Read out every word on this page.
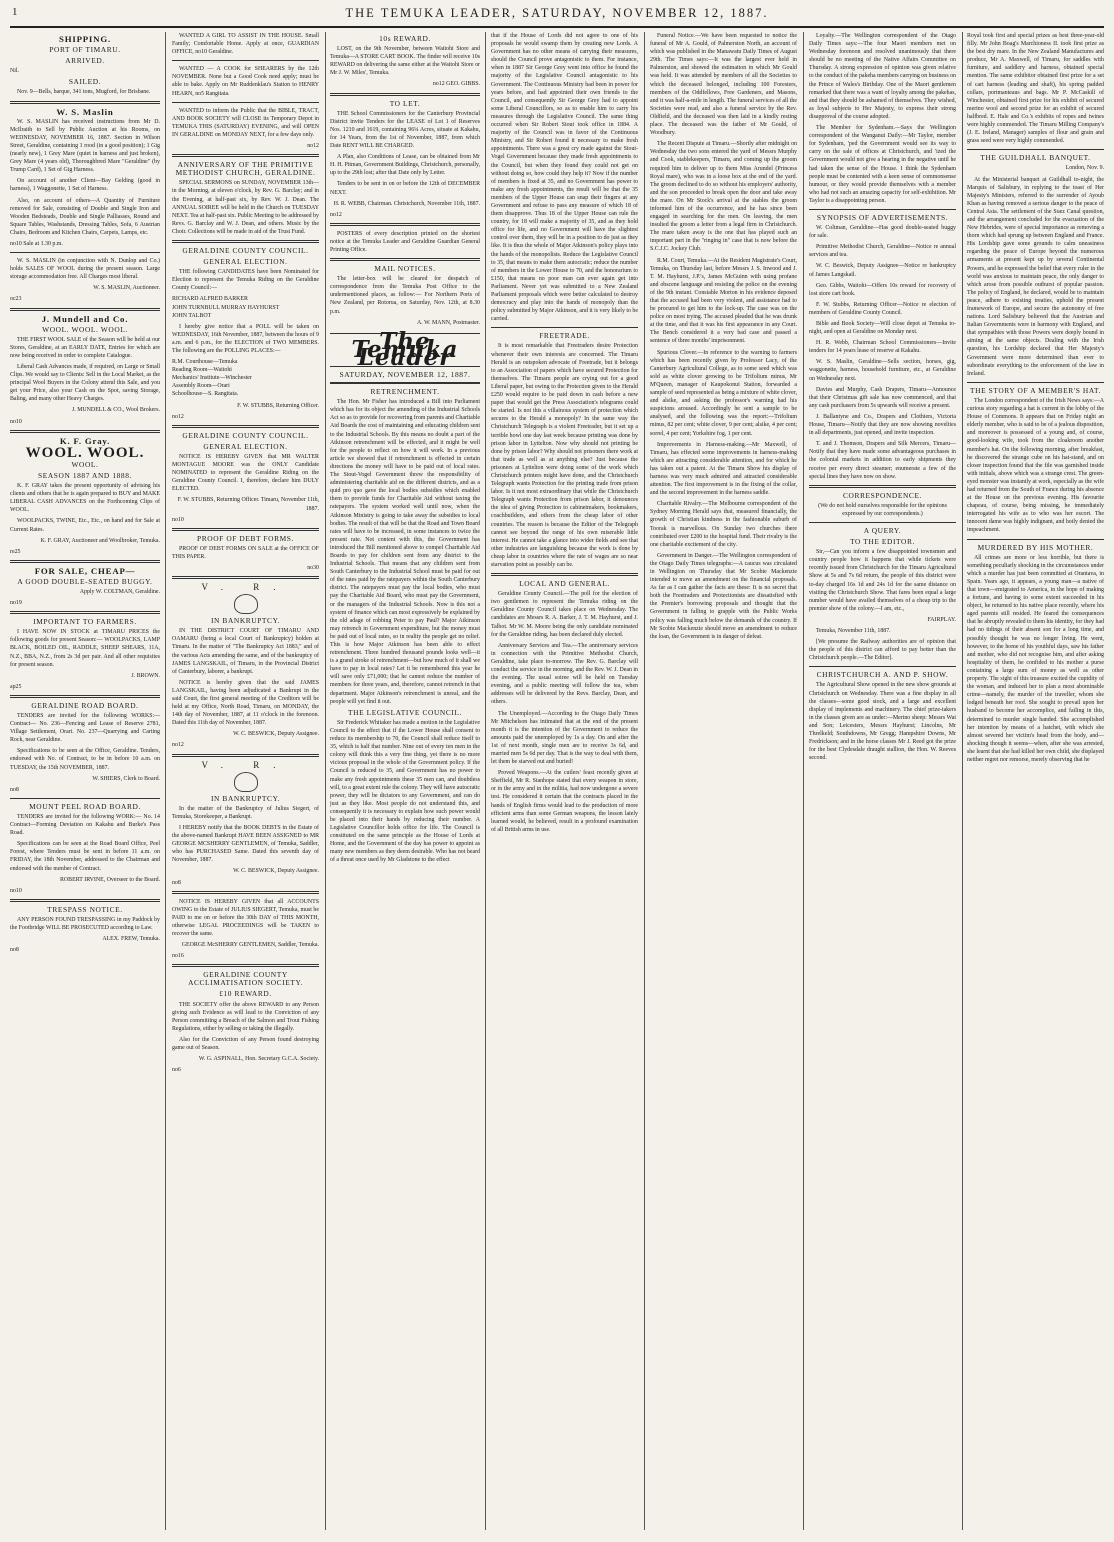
1	THE TEMUKA LEADER, SATURDAY, NOVEMBER 12, 1887.
SHIPPING.
PORT OF TIMARU.
ARRIVED.

Nil.

SAILED.

Nov. 9—Bells, barque, 341 tons, Mugford, for Brisbane.

W. S. Maslin

W. S. MASLIN has received instructions from Mr D. McIlraith to Sell by Public Auction at his Rooms, on WEDNESDAY, NOVEMBER 16, 1887. Section in Wilson Street, Geraldine, containing 1 rood (in a good position); 1 Gig (nearly new), 1 Grey Mare (quiet in harness and just broken), Grey Mare (4 years old), Thoroughbred Mare "Geraldine" (by Trump Card), 1 Set of Gig Harness.

On account of another Client—Bay Gelding (good in harness), 1 Waggonette, 1 Set of Harness.

Also, on account of others—A Quantity of Furniture removed for Sale, consisting of Double and Single Iron and Wooden Bedsteads, Double and Single Palliasses, Round and Square Tables, Washstands, Dressing Tables, Sofa, 6 Austrian Chairs, Bedroom and Kitchen Chairs, Carpets, Lamps, etc.

no10 Sale at 1.30 p.m.

W. S. MASLIN (in conjunction with N. Dunlop and Co.) holds SALES OF WOOL during the present season. Large storage accommodation free. All Charges most liberal.

W. S. MASLIN, Auctioneer.

oc23

J. Mundell and Co.
WOOL. WOOL. WOOL.

THE FIRST WOOL SALE of the Season will be held at our Stores, Geraldine, at an EARLY DATE, Entries for which are now being received in order to complete Catalogue.

Liberal Cash Advances made, if required, on Large or Small Clips. We would say to Clients: Sell in the Local Market, as the principal Wool Buyers in the Colony attend this Sale, and you get your Price, also your Cash on the Spot, saving Storage, Baling, and many other Heavy Charges.

J. MUNDELL & CO., Wool Brokers.

no10

K. F. Gray.
WOOL. WOOL.
WOOL.
SEASON 1887 AND 1888.

K. F. GRAY takes the present opportunity of advising his clients and others that he is again prepared to BUY and MAKE LIBERAL CASH ADVANCES on the Forthcoming Clips of WOOL.

WOOLPACKS, TWINE, Etc., Etc., on hand and for Sale at Current Rates.

K. F. GRAY, Auctioneer and Woolbroker, Temuka.

re25

FOR SALE, CHEAP—
A GOOD DOUBLE-SEATED BUGGY.

Apply W. COLTMAN, Geraldine.

no19

IMPORTANT TO FARMERS.

I HAVE NOW IN STOCK at TIMARU PRICES the following goods for present Season:— WOOLPACKS, LAMP BLACK, BOILED OIL, RADDLE, SHEEP SHEARS, 11A, N.Z., BBA, N.Z., from 2s 3d per pair. And all other requisites for present season.

J. BROWN.

ap25

GERALDINE ROAD BOARD.

TENDERS are invited for the following WORKS:— Contract— No. 236—Fencing and Lease of Reserve 2781, Village Settlement, Orari. No. 237—Quarrying and Carting Rock, near Geraldine.

Specifications to be seen at the Office, Geraldine. Tenders, endorsed with No. of Contract, to be in before 10 a.m. on TUESDAY, the 15th NOVEMBER, 1887.

W. SHIERS, Clerk to Board.

no8

MOUNT PEEL ROAD BOARD.

TENDERS are invited for the following WORK:— No. 14 Contract—Forming Deviation on Kakahu and Burke's Pass Road.

Specifications can be seen at the Road Board Office, Peel Forest, where Tenders must be sent in before 11 a.m. on FRIDAY, the 18th November, addressed to the Chairman and endorsed with the number of Contract.

ROBERT IRVINE, Overseer to the Board.

no10

TRESPASS NOTICE.

ANY PERSON FOUND TRESPASSING in my Paddock by the Footbridge WILL BE PROSECUTED according to Law.

ALEX. FREW, Temuka.

no8

WANTED A GIRL TO ASSIST IN THE HOUSE. Small Family; Comfortable Home. Apply at once, GUARDIAN OFFICE, no10 Geraldine.

WANTED — A COOK for SHEARERS by the 12th NOVEMBER. None but a Good Cook need apply; must be able to bake. Apply on Mr Ruddenklau's Station to HENRY HEARN, no5 Rangitata.

WANTED to inform the Public that the BIBLE, TRACT, AND BOOK SOCIETY will CLOSE its Temporary Depot in TEMUKA THIS (SATURDAY) EVENING, and will OPEN IN GERALDINE on MONDAY NEXT, for a few days only.

no12

ANNIVERSARY OF THE PRIMITIVE METHODIST CHURCH, GERALDINE.

SPECIAL SERMONS on SUNDAY, NOVEMBER 13th—in the Morning, at eleven o'clock, by Rev. G. Barclay; and in the Evening, at half-past six, by Rev. W. J. Dean. The ANNUAL SOIREE will be held in the Church on TUESDAY NEXT. Tea at half-past six. Public Meeting to be addressed by Revs. G. Barclay and W. J. Dean, and others. Music by the Choir. Collections will be made in aid of the Trust Fund.

GERALDINE COUNTY COUNCIL.
GENERAL ELECTION.

THE following CANDIDATES have been Nominated for Election to represent the Temuka Riding on the Geraldine County Council:—

RICHARD ALFRED BARKER
JOHN TURNBULL MURRAY HAYHURST
JOHN TALBOT

I hereby give notice that a POLL will be taken on WEDNESDAY, 16th November, 1887, between the hours of 9 a.m. and 6 p.m., for the ELECTION of TWO MEMBERS. The following are the POLLING PLACES:—

R.M. Courthouse—Temuka
Reading Room—Waitohi
Mechanics' Institute—Winchester
Assembly Room—Orari
Schoolhouse—S. Rangitata.

F. W. STUBBS, Returning Officer.

no12

GERALDINE COUNTY COUNCIL.
GENERAL ELECTION.

NOTICE IS HEREBY GIVEN that MR WALTER MONTAGUE MOORE was the ONLY Candidate NOMINATED to represent the Geraldine Riding on the Geraldine County Council. I, therefore, declare him DULY ELECTED.

F. W. STUBBS, Returning Officer. Timaru, November 11th, 1887.

no10

PROOF OF DEBT FORMS.

PROOF OF DEBT FORMS ON SALE at the OFFICE OF THIS PAPER.

no30

V. R.
IN BANKRUPTCY.

IN THE DISTRICT COURT OF TIMARU AND OAMARU (being a local Court of Bankruptcy) holden at Timaru. In the matter of "The Bankruptcy Act 1883," and of the various Acts amending the same, and of the bankruptcy of JAMES LANGSKAIL, of Timaru, in the Provincial District of Canterbury, laborer, a bankrupt.

NOTICE is hereby given that the said JAMES LANGSKAIL, having been adjudicated a Bankrupt in the said Court, the first general meeting of the Creditors will be held at my Office, North Road, Timaru, on MONDAY, the 14th day of November, 1887, at 11 o'clock in the forenoon. Dated this 11th day of November, 1887.

W. C. BESWICK, Deputy Assignee.

no12

V. R.
IN BANKRUPTCY.

In the matter of the Bankruptcy of Julius Siegert, of Temuka, Storekeeper, a Bankrupt.

I HEREBY notify that the BOOK DEBTS in the Estate of the above-named Bankrupt HAVE BEEN ASSIGNED to MR GEORGE MCSHERRY GENTLEMEN, of Temuka, Saddler, who has PURCHASED Same. Dated this seventh day of November, 1887.

W. C. BESWICK, Deputy Assignee.

no8

NOTICE IS HEREBY GIVEN that all ACCOUNTS OWING to the Estate of JULIUS SIEGERT, Temuka, must be PAID to me on or before the 30th DAY of THIS MONTH, otherwise LEGAL PROCEEDINGS will be TAKEN to recover the same.

GEORGE McSHERRY GENTLEMEN, Saddler, Temuka.

no16

GERALDINE COUNTY ACCLIMATISATION SOCIETY.
£10 REWARD.

THE SOCIETY offer the above REWARD to any Person giving such Evidence as will lead to the Conviction of any Person committing a Breach of the Salmon and Trout Fishing Regulations, either by selling or taking the illegally.

Also for the Conviction of any Person found destroying game out of Season.

W. G. ASPINALL, Hon. Secretary G.C.A. Society.

no6

10s REWARD.

LOST, on the 9th November, between Waitohi Store and Temuka—A STORE CART BOOK. The finder will receive 10s REWARD on delivering the same either at the Waitohi Store or Mr J. W. Miles', Temuka.

no12 GEO. GIBBS.

TO LET.

THE School Commissioners for the Canterbury Provincial District invite Tenders for the LEASE of Lot 1 of Reserves Nos. 1210 and 1619, containing 96¼ Acres, situate at Kakahu, for 14 Years, from the 1st of November, 1887, from which Date RENT WILL BE CHARGED.

A Plan, also Conditions of Lease, can be obtained from Mr H. H. Pitman, Government Buildings, Christchurch, personally, up to the 29th lost; after that Date only by Letter.

Tenders to be sent in on or before the 12th of DECEMBER NEXT.

H. R. WEBB, Chairman. Christchurch, November 11th, 1887.

no12

POSTERS of every description printed on the shortest notice at the Temuka Leader and Geraldine Guardian General Printing Office.

MAIL NOTICES.

The letter-box will be cleared for despatch of correspondence from the Temuka Post Office to the undermentioned places, as follow:— For Northern Ports of New Zealand, per Rotorua, on Saturday, Nov. 12th, at 8.30 p.m.

A. W. MANN, Postmaster.

The Temuka Leader
SATURDAY, NOVEMBER 12, 1887.
RETRENCHMENT.

The Hon. Mr Fisher has introduced a Bill into Parliament which has for its object the amending of the Industrial Schools Act so as to provide for recovering from parents and Charitable Aid Boards the cost of maintaining and educating children sent to the Industrial Schools. By this means no doubt a part of the Atkinson retrenchment will be effected, and it might be well for the people to reflect on how it will work. In a previous article we showed that if retrenchment is effected in certain directions the money will have to be paid out of local rates. The Stout-Vogel Government threw the responsibility of administering charitable aid on the different districts, and as a quid pro quo gave the local bodies subsidies which enabled them to provide funds for Charitable Aid without taxing the ratepayers. The system worked well until now, when the Atkinson Ministry is going to take away the subsidies to local bodies. The result of that will be that the Road and Town Board rates will have to be increased, in some instances to twice the present rate. Not content with this, the Government has introduced the Bill mentioned above to compel Charitable Aid Boards to pay for children sent from any district to the Industrial Schools. That means that any children sent from South Canterbury to the Industrial School must be paid for out of the rates paid by the ratepayers within the South Canterbury district. The ratepayers must pay the local bodies, who must pay the Charitable Aid Board, who must pay the Government, or the managers of the Industrial Schools. Now is this not a system of finance which can most expressively be explained by the old adage of robbing Peter to pay Paul? Major Atkinson may retrench in Government expenditure, but the money must be paid out of local rates, so in reality the people get no relief. This is how Major Atkinson has been able to effect retrenchment. Three hundred thousand pounds looks well—it is a grand stroke of retrenchment—but how much of it shall we have to pay in local rates? Let it be remembered this year he will save only £71,000; that he cannot reduce the number of members for three years, and, therefore, cannot retrench in that department. Major Atkinson's retrenchment is unreal, and the people will yet find it out.

THE LEGISLATIVE COUNCIL.

Sir Frederick Whitaker has made a motion in the Legislative Council to the effect that if the Lower House shall consent to reduce its membership to 70, the Council shall reduce itself to 35, which is half that number. Nine out of every ten men in the colony will think this a very fine thing, yet there is no more vicious proposal in the whole of the Government policy. If the Council is reduced to 35, and Government has no power to make any fresh appointments these 35 men can, and doubtless will, to a great extent rule the colony. They will have autocratic power, they will be dictators to any Government, and can do just as they like. Most people do not understand this, and consequently it is necessary to explain how such power would be placed into their hands by reducing their number. A Legislative Councillor holds office for life. The Council is constituted on the same principle as the House of Lords at Home, and the Government of the day has power to appoint as many new members as they deem desirable. Who has not heard of a threat once used by Mr Gladstone to the effect

that if the House of Lords did not agree to one of his proposals he would swamp them by creating new Lords. A Government has no other means of carrying their measures, should the Council prove antagonistic to them. For instance, when in 1887 Sir George Grey went into office he found the majority of the Legislative Council antagonistic to his Government. The Continuous Ministry had been in power for years before, and had appointed their own friends to the Council, and consequently Sir George Grey had to appoint some Liberal Councillors, so as to enable him to carry his measures through the Legislative Council. The same thing occurred when Sir Robert Stout took office in 1884. A majority of the Council was in favor of the Continuous Ministry, and Sir Robert found it necessary to make fresh appointments. There was a great cry made against the Stout-Vogel Government because they made fresh appointments to the Council, but when they found they could not get on without doing so, how could they help it? Now if the number of members is fixed at 35, and no Government has power to make any fresh appointments, the result will be that the 35 members of the Upper House can snap their fingers at any Government and refuse to pass any measure of which 18 of them disapprove. Thus 18 of the Upper House can rule the country, for 18 will make a majority of 35, and as they hold office for life, and no Government will have the slightest control over them, they will be in a position to do just as they like. It is thus the whole of Major Atkinson's policy plays into the hands of the monopolists. Reduce the Legislative Council to 35, that means to make them autocratic; reduce the number of members in the Lower House to 70, and the honorarium to £150, that means no poor man can ever again get into Parliament. Never yet was submitted to a New Zealand Parliament proposals which were better calculated to destroy democracy and play into the hands of monopoly than the policy submitted by Major Atkinson, and it is very likely to be carried.

FREETRADE.

It is most remarkable that Freetraders desire Protection whenever their own interests are concerned. The Timaru Herald is an outspoken advocate of Freetrade, but it belongs to an Association of papers which have secured Protection for themselves. The Timaru people are crying out for a good Liberal paper, but owing to the Protection given to the Herald £250 would require to be paid down in cash before a new paper that would get the Press Association's telegrams could be started. Is not this a villainous system of protection which secures to the Herald a monopoly? In the same way the Christchurch Telegraph is a violent Freetrader, but it set up a terrible howl one day last week because printing was done by prison labor in Lyttelton. Now why should not printing be done by prison labor? Why should not prisoners there work at that trade as well as at anything else? Just because the prisoners at Lyttelton were doing some of the work which Christchurch printers might have done, and the Christchurch Telegraph wants Protection for the printing trade from prison labor. Is it not most extraordinary that while the Christchurch Telegraph wants Protection from prison labor, it denounces the idea of giving Protection to cabinetmakers, bookmakers, coachbuilders, and others from the cheap labor of other countries. The reason is because the Editor of the Telegraph cannot see beyond the range of his own miserable little interest. He cannot take a glance into wider fields and see that other industries are languishing because the work is done by cheap labor in countries where the rate of wages are so near starvation point as possibly can be.

LOCAL AND GENERAL.

Geraldine County Council.—The poll for the election of two gentlemen to represent the Temuka riding on the Geraldine County Council takes place on Wednesday. The candidates are Messrs R. A. Barker, J. T. M. Hayhurst, and J. Talbot. Mr W. M. Moore being the only candidate nominated for the Geraldine riding, has been declared duly elected.

Anniversary Services and Tea.—The anniversary services in connection with the Primitive Methodist Church, Geraldine, take place to-morrow. The Rev. G. Barclay will conduct the service in the morning, and the Rev. W. J. Dean in the evening. The usual soiree will be held on Tuesday evening, and a public meeting will follow the tea, when addresses will be delivered by the Revs. Barclay, Dean, and others.

The Unemployed.—According to the Otago Daily Times Mr Mitchelson has intimated that at the end of the present month it is the intention of the Government to reduce the amounts paid the unemployed by 1s a day. On and after the 1st of next month, single men are to receive 3s 6d, and married men 5s 6d per day. That is the way to deal with them, let them be starved out and buried!

Proved Weapons.—At the cutlers' feast recently given at Sheffield, Mr R. Stanhope stated that every weapon in store, or in the army and in the militia, had now undergone a severe test. He considered it certain that the contracts placed in the hands of English firms would lead to the production of more efficient arms than some German weapons, the lesson lately learned would, he believed, result in a profound examination of all British arms in use.

Funeral Notice.—We have been requested to notice the funeral of Mr A. Gould, of Palmerston North, an account of which was published in the Manawatu Daily Times of August 29th. The Times says:—It was the largest ever held in Palmerston, and showed the estimation in which Mr Gould was held. It was attended by members of all the Societies to which the deceased belonged, including 100 Foresters, members of the Oddfellows, Free Gardeners, and Masons, and it was half-a-mile in length. The funeral services of all the Societies were read, and also a funeral service by the Rev. Oldfield, and the deceased was then laid in a kindly resting place. The deceased was the father of Mr Gould, of Woodbury.

The Recent Dispute at Timaru.—Shortly after midnight on Wednesday the two sons entered the yard of Messrs Murphy and Cook, stablekeepers, Timaru, and coming up the groom required him to deliver up to them Miss Arundel (Princess Royal mare), who was in a loose box at the end of the yard. The groom declined to do so without his employers' authority, and the son proceeded to break open the door and take away the mare. On Mr Stock's arrival at the stables the groom informed him of the occurrence, and he has since been engaged in searching for the men. On leaving, the men insulted the groom a letter from a legal firm in Christchurch. The mare taken away is the one that has played such an important part in the "ringing in" case that is now before the S.C.J.C. Jockey Club.

R.M. Court, Temuka.—At the Resident Magistrate's Court, Temuka, on Thursday last, before Messrs J. S. Inwood and J. T. M. Hayhurst, J.P.'s, James McGuinn with using profane and obscene language and resisting the police on the evening of the 9th instant. Constable Morton in his evidence deposed that the accused had been very violent, and assistance had to be procured to get him to the lock-up. The case was on the police on most trying. The accused pleaded that he was drunk at the time, and that it was his first appearance in any Court. The Bench considered it a very bad case and passed a sentence of three months' imprisonment.

Spurious Clover.—In reference to the warning to farmers which has been recently given by Professor Lacy, of the Canterbury Agricultural College, as to some seed which was sold as white clover growing to be Trifolium minus, Mr M'Queen, manager of Kaupokonui Station, forwarded a sample of seed represented as being a mixture of white clover, and alsike, and asking the professor's warning had his suspicions aroused. Accordingly he sent a sample to be analysed, and the following was the report:—Trifolium minus, 82 per cent; white clover, 9 per cent; alsike, 4 per cent; sorrel, 4 per cent; Yorkshire fog, 1 per cent.

Improvements in Harness-making.—Mr Maxwell, of Timaru, has effected some improvements in harness-making which are attracting considerable attention, and for which he has taken out a patent. At the Timaru Show his display of harness was very much admired and attracted considerable attention. The first improvement is in the fixing of the collar, and the second improvement in the harness saddle.

Charitable Rivalry.—The Melbourne correspondent of the Sydney Morning Herald says that, measured financially, the growth of Christian kindness in the fashionable suburb of Toorak is marvellous. On Sunday two churches there contributed over £200 to the hospital fund. Their rivalry is the one charitable excitement of the city.

Government in Danger.—The Wellington correspondent of the Otago Daily Times telegraphs:—A caucus was circulated in Wellington on Thursday that Mr Scobie Mackenzie intended to move an amendment on the financial proposals. As far as I can gather the facts are these: It is no secret that both the Freetraders and Protectionists are dissatisfied with the Premier's borrowing proposals and thought that the Government in falling to grapple with the Public Works policy was falling much below the demands of the country. If Mr Scobie Mackenzie should move an amendment to reduce the loan, the Government is in danger of defeat.

Loyalty.—The Wellington correspondent of the Otago Daily Times says:—The four Maori members met on Wednesday forenoon and resolved unanimously that there should be no meeting of the Native Affairs Committee on Thursday. A strong expression of opinion was given relative to the conduct of the pakeha members carrying on business on the Prince of Wales's Birthday. One of the Maori gentlemen remarked that there was a want of loyalty among the pakehas, and that they should be ashamed of themselves. They wished, as loyal subjects to Her Majesty, to express their strong disapproval of the course adopted.

The Member for Sydenham.—Says the Wellington correspondent of the Wanganui Daily:—Mr Taylor, member for Sydenham, 'ped the Government would see its way to carry on the sale of offices at Christchurch, and 'ized the Government would not give a hearing in the negative until he had taken the sense of the House. I think the Sydenham people must be contented with a keen sense of commonsense humour, or they would provide themselves with a member who had not such an amazing capacity for self-exhibition. Mr Taylor is a disappointing person.

SYNOPSIS OF ADVERTISEMENTS.

W. Coltman, Geraldine—Has good double-seated buggy for sale.

Primitive Methodist Church, Geraldine—Notice re annual services and tea.

W. C. Beswick, Deputy Assignee—Notice re bankruptcy of James Langskail.

Geo. Gibbs, Waitohi—Offers 10s reward for recovery of lost store cart book.

F. W. Stubbs, Returning Officer—Notice re election of members of Geraldine County Council.

Bible and Book Society—Will close depot at Temuka to-night, and open at Geraldine on Monday next.

H. R. Webb, Chairman School Commissioners—Invite tenders for 14 years lease of reserve at Kakahu.

W. S. Maslin, Geraldine—Sells section, horses, gig, waggonette, harness, household furniture, etc., at Geraldine on Wednesday next.

Davies and Murphy, Cash Drapers, Timaru—Announce that their Christmas gift sale has now commenced, and that any cash purchasers from 5s upwards will receive a present.

J. Ballantyne and Co., Drapers and Clothiers, Victoria House, Timaru—Notify that they are now showing novelties in all departments, just opened, and invite inspection.

T. and J. Thomson, Drapers and Silk Mercers, Timaru—Notify that they have made some advantageous purchases in the colonial markets in addition to early shipments they receive per every direct steamer; enumerate a few of the special lines they have now on show.

CORRESPONDENCE.

(We do not hold ourselves responsible for the opinions expressed by our correspondents.)

A QUERY.
TO THE EDITOR.

Sir,—Can you inform a few disappointed townsmen and country people how it happens that while tickets were recently issued from Christchurch for the Timaru Agricultural Show at 5s and 7s 6d return, the people of this district were to-day charged 16s 1d and 24s 1d for the same distance on visiting the Christchurch Show. That fares been equal a large number would have availed themselves of a cheap trip to the premier show of the colony.—I am, etc.,

FAIRPLAY.

Temuka, November 11th, 1887.

[We presume the Railway authorities are of opinion that the people of this district can afford to pay better than the Christchurch people.—The Editor].

CHRISTCHURCH A. AND P. SHOW.

The Agricultural Show opened in the new show grounds at Christchurch on Wednesday. There was a fine display in all the classes—some good stock, and a large and excellent display of implements and machinery. The chief prize-takers in the classes given are as under:—Merino sheep: Messrs Wat and Son; Leicesters, Messrs Hayhurst; Lincolns, Mr Threlkeld; Southdowns, Mr Gregg; Hampshire Downs, Mr Fredrickson; and in the horse classes Mr J. Reed got the prize for the best Clydesdale draught stallion, the Hon. W. Reeves second.

Royal took first and special prizes as best three-year-old filly. Mr John Boag's Marchioness II. took first prize as the best dry mare. In the New Zealand Manufactures and produce, Mr A. Maxwell, of Timaru, for saddles with furniture, and saddlery and harness, obtained special mention. The same exhibitor obtained first prize for a set of cart harness (leading and shaft), his spring padded collars, portmanteaus and bags. Mr P. McCaskill of Winchester, obtained first prize for his exhibit of secured merino wool and second prize for an exhibit of secured halfbred. E. Hale and Co.'s exhibits of ropes and twines were highly commended. The Timaru Milling Company's (J. E. Ireland, Manager) samples of flour and grain and grass seed were very highly commended.

THE GUILDHALL BANQUET.

London, Nov. 9.

At the Ministerial banquet at Guildhall to-night, the Marquis of Salisbury, in replying to the toast of Her Majesty's Ministers, referred to the surrender of Ayoub Khan as having removed a serious danger to the peace of Central Asia. The settlement of the Suez Canal question, and the arrangement concluded for the evacuation of the New Hebrides, were of special importance as removing a thorn which had sprung up between England and France. His Lordship gave some grounds to calm uneasiness regarding the peace of Europe beyond the numerous armaments at present kept up by several Continental Powers, and he expressed the belief that every ruler in the world was anxious to maintain peace, the only danger to which arose from possible outburst of popular passion. The policy of England, he declared, would be to maintain peace, adhere to existing treaties, uphold the present framework of Europe, and secure the autonomy of free nations. Lord Salisbury believed that the Austrian and Italian Governments were in harmony with England, and that sympathies with those Powers were deeply bound in aiming at the same objects. Dealing with the Irish question, his Lordship declared that Her Majesty's Government were more determined than ever to subordinate everything to the enforcement of the law in Ireland.

THE STORY OF A MEMBER'S HAT.

The London correspondent of the Irish News says:—A curious story regarding a hat is current in the lobby of the House of Commons. It appears that on Friday night an elderly member, who is said to be of a jealous disposition, and moreover is possessed of a young and, of course, good-looking wife, took from the cloakroom another member's hat. On the following morning, after breakfast, he discovered the strange cube on his hat-stand, and on closer inspection found that the file was garnished inside with initials, above which was a strange crest. The green-eyed monster was instantly at work, especially as the wife had returned from the South of France during his absence at the House on the previous evening. His favourite chapeau, of course, being missing, he immediately interrogated his wife as to who was her escort. The innocent dame was highly indignant, and hotly denied the impeachment.

MURDERED BY HIS MOTHER.

All crimes are more or less horrible, but there is something peculiarly shocking in the circumstances under which a murder has just been committed at Orantava, in Spain. Years ago, it appears, a young man—a native of that town—emigrated to America, in the hope of making a fortune, and having to some extent succeeded in his object, he returned to his native place recently, where his aged parents still resided. He feared the consequences that he abruptly revealed to them his identity, for they had had no tidings of their absent son for a long time, and possibly thought he was no longer living. He went, however, to the home of his youthful days, saw his father and mother, who did not recognise him, and after asking hospitality of them, he confided to his mother a purse containing a large sum of money as well as other property. The sight of this treasure excited the cupidity of the woman, and induced her to plan a most abominable crime—namely, the murder of the traveller, whom she lodged beneath her roof. She sought to prevail upon her husband to become her accomplice, and failing in this, determined to murder single handed. She accomplished her intention by means of a hatchet, with which she almost severed her victim's head from the body, and—shocking though it seems—when, after she was arrested, she learnt that she had killed her own child, she displayed neither regret nor remorse, merely observing that he
